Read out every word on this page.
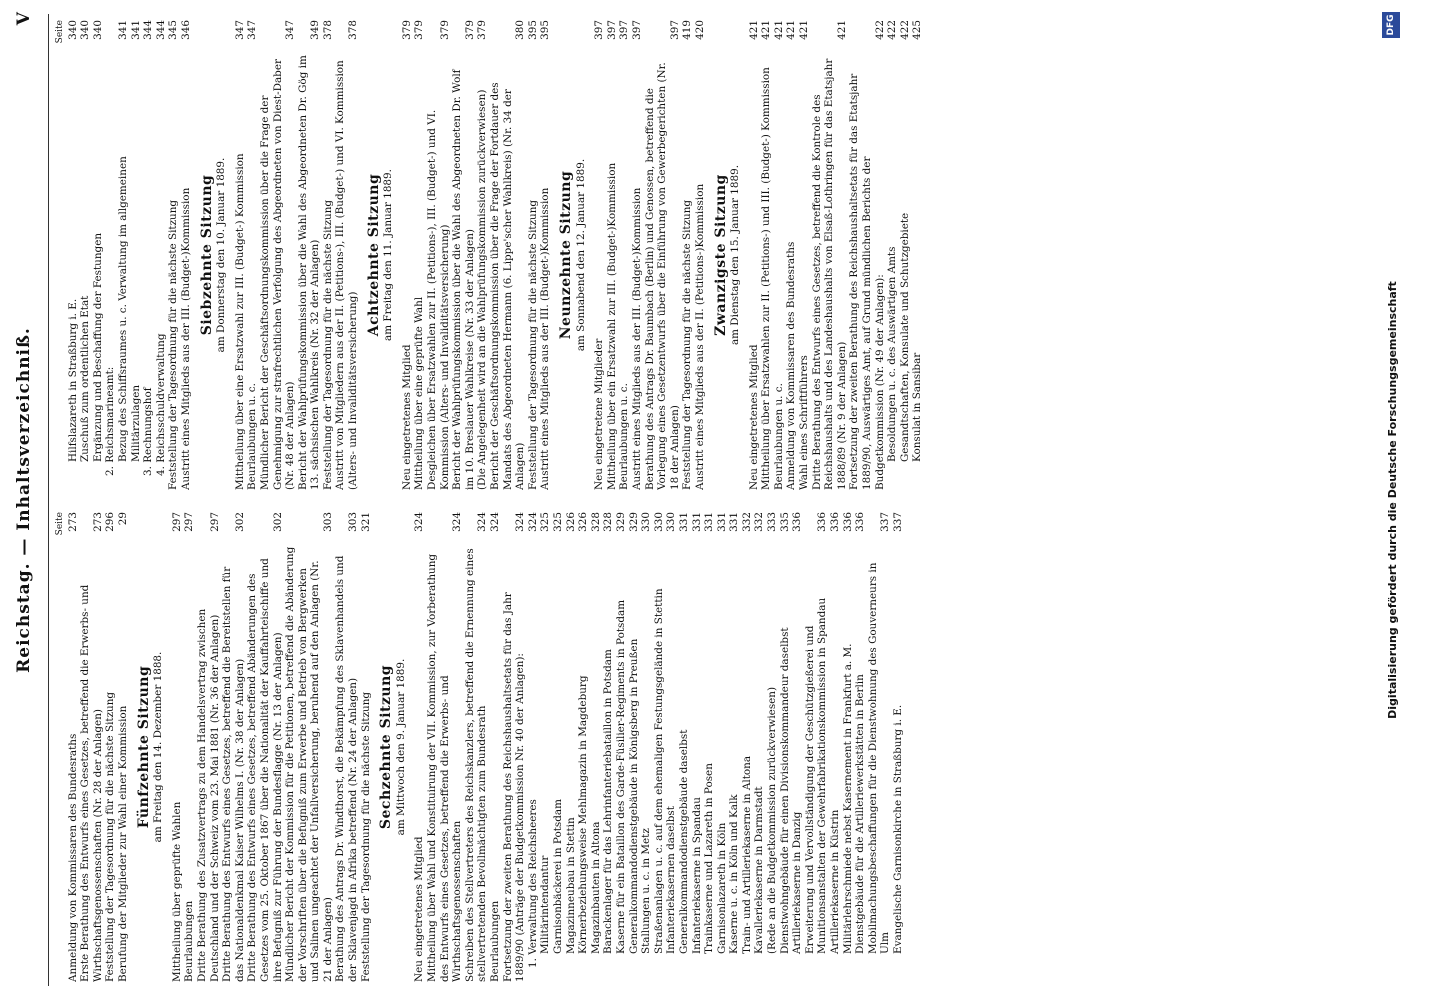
Reichstag. — Inhaltsverzeichniß.
V
Seite
Anmeldung von Kommissaren des Bundesraths
273
Erste Berathung des Entwurfs eines Gesetzes, betreffend die Erwerbs- und Wirthschaftsgenossenschaften (Nr. 28 der Anlagen)
273
Feststellung der Tagesordnung für die nächste Sitzung
296
Berufung der Mitglieder zur Wahl einer Kommission
29
Fünfzehnte Sitzung am Freitag den 14. Dezember 1888.
Mittheilung über geprüfte Wahlen
297
Beurlaubungen
297
Dritte Berathung des Zusatzvertrags zu dem Handelsvertrag zwischen Deutschland und der Schweiz vom 23. Mai 1881 (Nr. 36 der Anlagen)
297
Dritte Berathung des Entwurfs eines Gesetzes, betreffend die Bereitstellen für das Nationaldenkmal Kaiser Wilhelms I. (Nr. 38 der Anlagen)
302
Dritte Berathung des Entwurfs eines Gesetzes, betreffend Abänderungen des Gesetzes vom 25. Oktober 1867 über die Nationalität der Kauffahrteischiffe und ihre Befugniß zur Führung der Bundesflagge (Nr. 13 der Anlagen)
302
Mündlicher Bericht der Kommission für die Petitionen, betreffend die Abänderung der Vorschriften über die Befugniß zum Erwerbe und Betrieb von Bergwerken und Salinen ungeachtet der Unfallversicherung, beruhend auf den Anlagen (Nr. 21 der Anlagen)
303
Berathung des Antrags Dr. Windthorst, die Bekämpfung des Sklavenhandels und der Sklavenjagd in Afrika betreffend (Nr. 24 der Anlagen)
303
Feststellung der Tagesordnung für die nächste Sitzung
321
Sechzehnte Sitzung am Mittwoch den 9. Januar 1889.
Neu eingetretenes Mitglied
324
Mittheilung über Wahl und Konstituirung der VII. Kommission, zur Vorberathung des Entwurfs eines Gesetzes, betreffend die Erwerbs- und Wirthschaftsgenossenschaften
324
Schreiben des Stellvertreters des Reichskanzlers, betreffend die Ernennung eines stellvertretenden Bevollmächtigten zum Bundesrath
324
Beurlaubungen
324
Fortsetzung der zweiten Berathung des Reichshaushaltsetats für das Jahr 1889/90 (Anträge der Budgetkommission Nr. 40 der Anlagen):
324
1. Verwaltung des Reichsheeres
324
Militärintendantur
325
Garnisonbäckerei in Potsdam
325
Magazinneubau in Stettin
326
Körnerbeziehungsweise Mehlmagazin in Magdeburg
326
Magazinbauten in Altona
328
Barackenlager für das Lehrinfanteriebataillon in Potsdam
328
Kaserne für ein Bataillon des Garde-Füsilier-Regiments in Potsdam
329
Generalkommandodienstgebäude in Königsberg in Preußen
329
Stallungen u. c. in Metz
330
Straßenanlagen u. c. auf dem ehemaligen Festungsgelände in Stettin
330
Infanteriekasernen daselbst
330
Generalkommandodienstgebäude daselbst
331
Infanteriekaserne in Spandau
331
Trainkaserne und Lazareth in Posen
331
Garnisonlazareth in Köln
331
Kaserne u. c. in Köln und Kalk
331
Train- und Artilleriekaserne in Altona
332
Kavalleriekaserne in Darmstadt
332
(Rede an die Budgetkommission zurückverwiesen)
333
Dienstwohngebäude für einen Divisionskommandeur daselbst
335
Artilleriekaserne in Danzig
336
Erweiterung und Vervollständigung der Geschützgießerei und Munitionsanstalten der Gewehrfabrikationskommission in Spandau
336
Artilleriekaserne in Küstrin
336
Militärlehrschmiede nebst Kasernement in Frankfurt a. M.
336
Dienstgebäude für die Artilleriewerkstätten in Berlin
336
Mobilmachungsbeschaffungen für die Dienstwohnung des Gouverneurs in Ulm
337
Evangelische Garnisonkirche in Straßburg i. E.
337
Seite
Hilfslazareth in Straßburg i. E.
340
Zuschuß zum ordentlichen Etat
340
Ergänzung und Beschaffung der Festungen
340
2. Reichsmarineamt: Bezug des Schiffsraumes u. c. Verwaltung im allgemeinen
341
Militärzulagen
341
3. Rechnungshof
344
4. Reichsschuldverwaltung
344
Feststellung der Tagesordnung für die nächste Sitzung
345
Austritt eines Mitglieds aus der III. (Budget-)Kommission
346
Siebzehnte Sitzung am Donnerstag den 10. Januar 1889. Mittheilung über eine Ersatzwahl zur III. (Budget-) Kommission
347
Beurlaubungen u. c.
347
Mündlicher Bericht der Geschäftsordnungskommission über die Frage der Genehmigung zur strafrechtlichen Verfolgung des Abgeordneten von Diest-Daber (Nr. 48 der Anlagen)
347
Bericht der Wahlprüfungskommission über die Wahl des Abgeordneten Dr. Gög im 13. sächsischen Wahlkreis (Nr. 32 der Anlagen)
349
Feststellung der Tagesordnung für die nächste Sitzung
378
Austritt von Mitgliedern aus der II. (Petitions-), III. (Budget-) und VI. Kommission (Alters- und Invaliditätsversicherung)
378
Achtzehnte Sitzung am Freitag den 11. Januar 1889.
Neu eingetretenes Mitglied
379
Mittheilung über eine geprüfte Wahl
379
Desgleichen über Ersatzwahlen zur II. (Petitions-), III. (Budget-) und VI. Kommission (Alters- und Invaliditätsversicherung)
379
Bericht der Wahlprüfungskommission über die Wahl des Abgeordneten Dr. Wolf im 10. Breslauer Wahlkreise (Nr. 33 der Anlagen)
379
(Die Angelegenheit wird an die Wahlprüfungskommission zurückverwiesen)
379
Bericht der Geschäftsordnungskommission über die Frage der Fortdauer des Mandats des Abgeordneten Hermann (6. Lippe'scher Wahlkreis) (Nr. 34 der Anlagen)
380
Feststellung der Tagesordnung für die nächste Sitzung
395
Austritt eines Mitglieds aus der III. (Budget-)Kommission
395
Neunzehnte Sitzung am Sonnabend den 12. Januar 1889.
Neu eingetretene Mitglieder
397
Mittheilung über ein Ersatzwahl zur III. (Budget-)Kommission
397
Beurlaubungen u. c.
397
Austritt eines Mitglieds aus der III. (Budget-)Kommission
397
Berathung des Antrags Dr. Baumbach (Berlin) und Genossen, betreffend die Vorlegung eines Gesetzentwurfs über die Einführung von Gewerbegerichten (Nr. 18 der Anlagen)
397
Feststellung der Tagesordnung für die nächste Sitzung
419
Austritt eines Mitglieds aus der II. (Petitions-)Kommission
420
Zwanzigste Sitzung am Dienstag den 15. Januar 1889.
Neu eingetretenes Mitglied
421
Mittheilung über Ersatzwahlen zur II. (Petitions-) und III. (Budget-) Kommission
421
Beurlaubungen u. c.
421
Anmeldung von Kommissaren des Bundesraths
421
Wahl eines Schriftführers
421
Dritte Berathung des Entwurfs eines Gesetzes, betreffend die Kontrole des Reichshaushalts und des Landeshaushalts von Elsaß-Lothringen für das Etatsjahr 1888/89 (Nr. 9 der Anlagen)
421
Fortsetzung der zweiten Berathung des Reichshaushaltsetats für das Etatsjahr 1889/90, Auswärtiges Amt, auf Grund mündlichen Berichts der Budgetkommission (Nr. 49 der Anlagen):
422
Besoldungen u. c. des Auswärtigen Amts
422
Gesandtschaften, Konsulate und Schutzgebiete
422
Konsulat in Sansibar
425
Digitalisierung gefördert durch die Deutsche Forschungsgemeinschaft
DFG
